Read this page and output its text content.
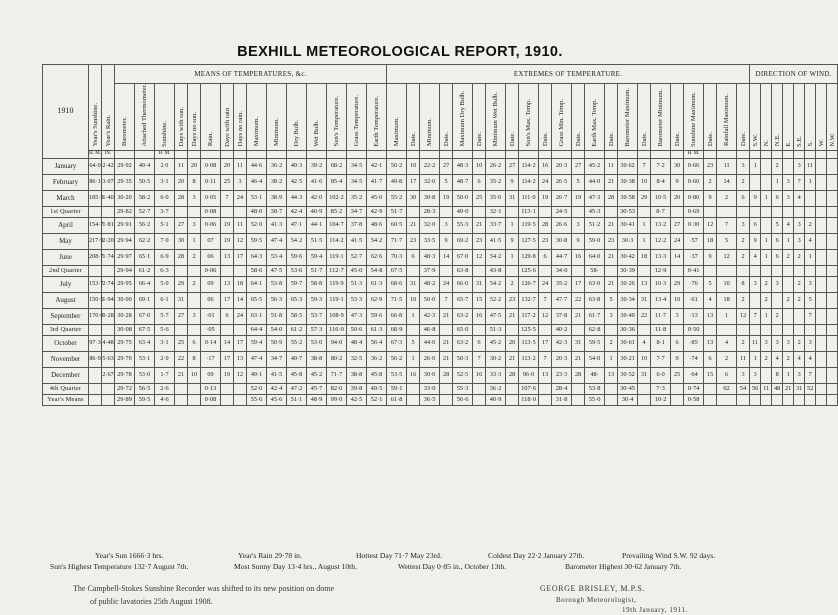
BEXHILL METEOROLOGICAL REPORT, 1910.
1910	Year's Sunshine.	Year's Rain.	MEANS OF TEMPERATURES, &c.															EXTREMES OF TEMPERATURE.																						DIRECTION OF WIND.							
			Barometer.	Attached Thermometer.	Sunshine.	Days with sun.	Days no sun.	Rain.	Days with rain	Days no rain.	Maximum.	Minimum.	Dry Bulb.	Wet Bulb.	Sun's Temperature.	Grass Temperature.	Earth Temperature.	Maximum.	Date.	Minimum.	Date.	Maximum Dry Bulb.	Date.	Minimum Wet Bulb.	Date.	Sun's Max. Temp.	Date.	Grass Min. Temp.	Date.	Earth Max. Temp.	Date.	Barometer Maximum.	Date.	Barometer Minimum.	Date.	Sunshine Maximum.	Date.	Rainfall Maximum.	Date.	S.W.	N.	N.E.	E.	S.E.	S.	W.	N.W.
	H. M.	IN.			H. M.																															H. M.											
January	64·0	2·42	29·92	49·4	2 0	11	20	0·08	20	11	44·6	36·2	40·3	39·2	68·2	34·5	42·1	50·2	10	22·2	27	48·3	10	26·2	27	114·2	16	20·3	27	45·2	11	30·62	7	7·2	30	0·66	23	11	3	1		2		3	11		
February	86·1	3·07	29·35	50·5	3·1	20	8	0·11	25	3	46·4	38·2	42·5	41·6	85·4	34·5	41·7	49·8	17	32·0	5	48·7	6	35·2	9	114·2	24	26·5	5	44·0	21	30·38	10	8·4	9	0·60	2	14	2			1	3	7	1		
March	185·3	1·40	30·20	58·2	6·0	28	3	0·05	7	24	53·1	38·9	44·3	42·0	102·2	35·2	45·0	55·2	30	30·8	19	50·0	25	35·0	31	111·0	19	26·7	19	47·3	28	30·58	29	10·5	20	0·80	9	2	6	9	1	6	3	4			
1st Quarter			29·82	52·7	3·7			0·08			48·0	38·7	42·4	40·9	85·2	34·7	42·9	51·7		28·3		49·0		32·1		113·1		24·5		45·3		30·53		8·7		0·69											
April	154·7	1·81	29·91	56·2	5·1	27	3	0·06	19	11	52·0	41·3	47·1	44·1	104·7	37·8	48·6	60·5	21	32·0	3	55·3	21	33·7	1	119·5	28	26·6	3	51·2	21	30·41	1	13·2	27	0·30	12	7	3	6		5	4	3	2		
May	217·9	2·20	29·94	62·2	7·0	30	1	07	19	12	59·5	47·4	54·2	51·5	114·2	41·5	54·2	71·7	23	33·5	9	69·2	23	41·5	9	127·5	23	30·8	9	59·0	23	30·3	1	12·2	24	·57	18	5	2	9	1	6	1	3	4		
June	208·7	1·74	29·97	65·1	6·9	28	2	06	13	17	64·3	53·4	59·6	59·4	119·1	52·7	62·6	70·3	6	48·3	14	67·0	12	54·2	1	129·8	6	44·7	16	64·0	21	30·42	18	13·3	14	·37	9	12	2	4	1	6	2	2	1		
2nd Quarter			29·94	61·2	6·3			0·06			58·6	47·5	53·6	51·7	112·7	45·0	54·8	67·5		37·9		63·8		43·8		125·6		34·0		58·		30·39		12·9		0·41											
July	153·7	2·74	29·95	66·4	5·0	29	2	09	13	18	64·1	53·8	59·7	58·8	119·9	51·3	61·3	68·6	31	48·2	24	66·0	31	54·2	2	126·7	24	35·2	17	63·0	21	30·26	13	10·3	29	·76	5	10	8	3	2	3		2	3		
August	150·5	1·94	30·00	69·1	6·1	31		06	17	14	65·5	56·3	65·3	59·3	119·1	53·3	62·9	71·5	10	50·0	7	65·7	15	52·2	23	132·7	7	47·7	22	63·8	5	30·34	31	13·4	10	·61	4	18	2		2		2	2	5		
September	170·0	0·28	30·28	67·0	5·7	27	3	·01	6	24	63·1	51·8	58·5	53·7	108·9	47·3	59·6	66·8	1	42·3	21	63·2	16	47·5	21	117·2	12	37·8	21	61·7	3	30·49	22	11·7	3	·13	13	1	12	7	1	2			7		
3rd Quarter			30·08	67·5	5·6			·05			64·4	54·0	61·2	57·3	116·0	50·6	61·3	68·9		46·8		65·0		51·3		125·5		40·2		62·8		30·36		11·8		0·50											
October	97·3	4·48	29·75	63·4	3·1	25	6	0·14	14	17	59·4	50·9	55·2	53·0	94·0	48·4	56·4	67·3	5	44·0	21	63·2	6	45·2	20	113·5	17	42·3	31	59·5	2	30·61	4	8·1	6	·85	13	4	2	11	3	3	3	2	3		
November	86·9	5·63	29·70	53·1	2·9	22	8	·17	17	13	47·4	34·7	40·7	38·8	80·2	32·5	36·2	56·2	1	26·0	21	50·3	7	30·2	21	113·2	7	20·3	21	54·0	1	30·21	10	7·7	9	·74	6	2	11	1	2	4	2	4	4		
December		2·67	29·78	53·0	1·7	21	10	09	19	12	49·1	41·5	45·8	45·2	71·7	38·8	45·8	53·5	16	30·0	28	52·5	16	33·3	28	96·0	13	23·3	28	48·	13	30·52	31	6·0	25	·64	15	6	3	3		8	1	3	7		
4th Quarter			29·72	56·5	2·6			0·13			52·0	42·4	47·2	45·7	82·0	39·8	49·5	59·1		33·0		55·3		36·2		107·6		28·4		53·8		30·45		7·3		0·74		02	54	56	11	48	21	31	52		
Year's Means			29·89	59·5	4·6			0·08			55·6	45·6	51·1	48·9	99·0	42·5	52·1	61·8		36·5		56·6		40·9		118·0		31·8		55·0		30·4		10·2		0·58											
Year's Sun 1666·3 hrs.	Year's Rain 29·78 in.	Hottest Day 71·7 May 23rd.	Coldest Day 22·2 January 27th.	Prevailing Wind S.W. 92 days.
Sun's Highest Temperature 132·7 August 7th.	Most Sunny Day 13·4 hrs., August 10th.	Wettest Day 0·85 in., October 13th.	Barometer Highest 30·62 January 7th.
The Campbell-Stokes Sunshine Recorder was shifted to its new position on dome
of public lavatories 25th August 1908.
GEORGE BRISLEY, M.P.S.
Borough Meteorologist,
19th January, 1911.
